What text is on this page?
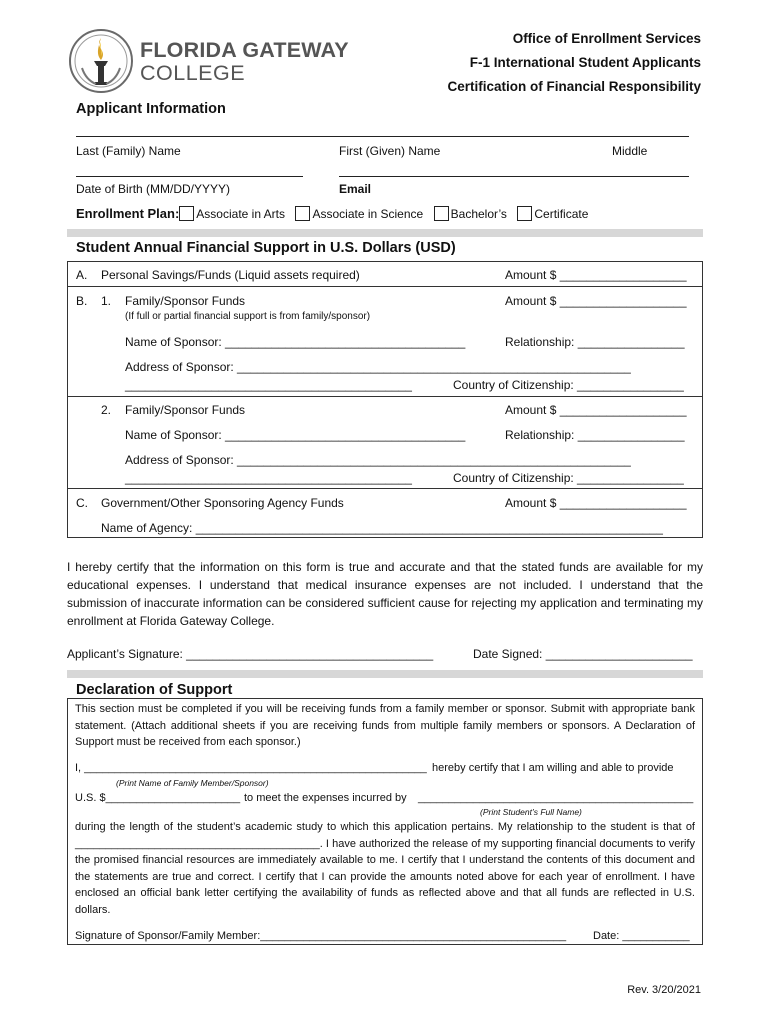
FLORIDA GATEWAY
COLLEGE
Office of Enrollment Services
F-1 International Student Applicants
Certification of Financial Responsibility
Applicant Information
Last (Family) Name	First (Given) Name	Middle
Date of Birth (MM/DD/YYYY)	Email
Enrollment Plan: Associate in Arts Associate in Science Bachelor’s Certificate
Student Annual Financial Support in U.S. Dollars (USD)
A. Personal Savings/Funds (Liquid assets required)	Amount $ ___________________
B. 1. Family/Sponsor Funds	Amount $ ___________________
(If full or partial financial support is from family/sponsor)
Name of Sponsor: ____________________________________	Relationship: ________________
Address of Sponsor: ___________________________________________________________
___________________________________________	Country of Citizenship: ________________
2. Family/Sponsor Funds	Amount $ ___________________
Name of Sponsor: ____________________________________	Relationship: ________________
Address of Sponsor: ___________________________________________________________
___________________________________________	Country of Citizenship: ________________
C. Government/Other Sponsoring Agency Funds	Amount $ ___________________
Name of Agency: ______________________________________________________________________
I hereby certify that the information on this form is true and accurate and that the stated funds are available for my educational expenses. I understand that medical insurance expenses are not included. I understand that the submission of inaccurate information can be considered sufficient cause for rejecting my application and terminating my enrollment at Florida Gateway College.
Applicant’s Signature: _____________________________________	Date Signed: ______________________
Declaration of Support
This section must be completed if you will be receiving funds from a family member or sponsor. Submit with appropriate bank statement. (Attach additional sheets if you are receiving funds from multiple family members or sponsors. A Declaration of Support must be received from each sponsor.)
I, ________________________________________________________ hereby certify that I am willing and able to provide
(Print Name of Family Member/Sponsor)
U.S. $______________________ to meet the expenses incurred by _____________________________________________
(Print Student’s Full Name)
during the length of the student’s academic study to which this application pertains. My relationship to the student is that of ________________________________________. I have authorized the release of my supporting financial documents to verify the promised financial resources are immediately available to me. I certify that I understand the contents of this document and the statements are true and correct. I certify that I can provide the amounts noted above for each year of enrollment. I have enclosed an official bank letter certifying the availability of funds as reflected above and that all funds are reflected in U.S. dollars.
Signature of Sponsor/Family Member:__________________________________________________ Date: ___________
Rev. 3/20/2021
